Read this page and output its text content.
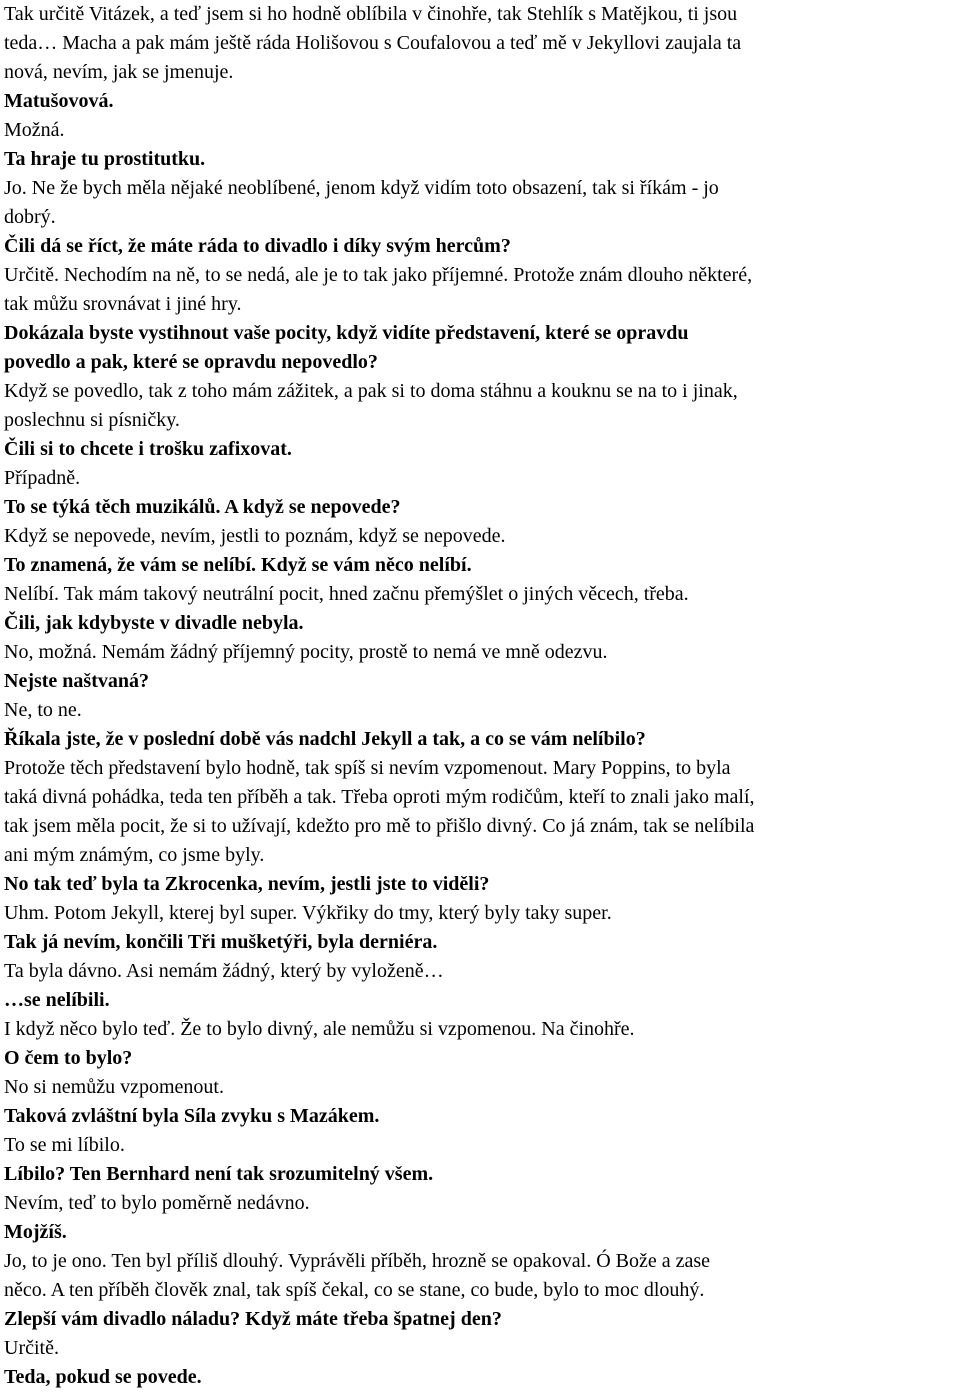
Tak určitě Vitázek, a teď jsem si ho hodně oblíbila v činohře, tak Stehlík s Matějkou, ti jsou

teda… Macha a pak mám ještě ráda Holišovou s Coufalovou a teď mě v Jekyllovi zaujala ta

nová, nevím, jak se jmenuje.

Matušovová.

Možná.

Ta hraje tu prostitutku.

Jo. Ne že bych měla nějaké neoblíbené, jenom když vidím toto obsazení, tak si říkám - jo

dobrý.

Čili dá se říct, že máte ráda to divadlo i díky svým hercům?

Určitě. Nechodím na ně, to se nedá, ale je to tak jako příjemné. Protože znám dlouho některé,

tak můžu srovnávat i jiné hry.

Dokázala byste vystihnout vaše pocity, když vidíte představení, které se opravdu

povedlo a pak, které se opravdu nepovedlo?

Když se povedlo, tak z toho mám zážitek, a pak si to doma stáhnu a kouknu se na to i jinak,

poslechnu si písničky.

Čili si to chcete i trošku zafixovat.

Případně.

To se týká těch muzikálů. A když se nepovede?

Když se nepovede, nevím, jestli to poznám, když se nepovede.

To znamená, že vám se nelíbí. Když se vám něco nelíbí.

Nelíbí. Tak mám takový neutrální pocit, hned začnu přemýšlet o jiných věcech, třeba.

Čili, jak kdybyste v divadle nebyla.

No, možná. Nemám žádný příjemný pocity, prostě to nemá ve mně odezvu.

Nejste naštvaná?

Ne, to ne.

Říkala jste, že v poslední době vás nadchl Jekyll a tak, a co se vám nelíbilo?

Protože těch představení bylo hodně, tak spíš si nevím vzpomenout. Mary Poppins, to byla

taká divná pohádka, teda ten příběh a tak. Třeba oproti mým rodičům, kteří to znali jako malí,

tak jsem měla pocit, že si to užívají, kdežto pro mě to přišlo divný. Co já znám, tak se nelíbila

ani mým známým, co jsme byly.

No tak teď byla ta Zkrocenka, nevím, jestli jste to viděli?

Uhm. Potom Jekyll, kterej byl super. Výkřiky do tmy, který byly taky super.

Tak já nevím, končili Tři mušketýři, byla derniéra.

Ta byla dávno. Asi nemám žádný, který by vyloženě…

…se nelíbili.

I když něco bylo teď. Že to bylo divný, ale nemůžu si vzpomenou. Na činohře.

O čem to bylo?

No si nemůžu vzpomenout.

Taková zvláštní byla Síla zvyku s Mazákem.

To se mi líbilo.

Líbilo? Ten Bernhard není tak srozumitelný všem.

Nevím, teď to bylo poměrně nedávno.

Mojžíš.

Jo, to je ono. Ten byl příliš dlouhý. Vyprávěli příběh, hrozně se opakoval. Ó Bože a zase

něco. A ten příběh člověk znal, tak spíš čekal, co se stane, co bude, bylo to moc dlouhý.

Zlepší vám divadlo náladu? Když máte třeba špatnej den?

Určitě.

Teda, pokud se povede.
